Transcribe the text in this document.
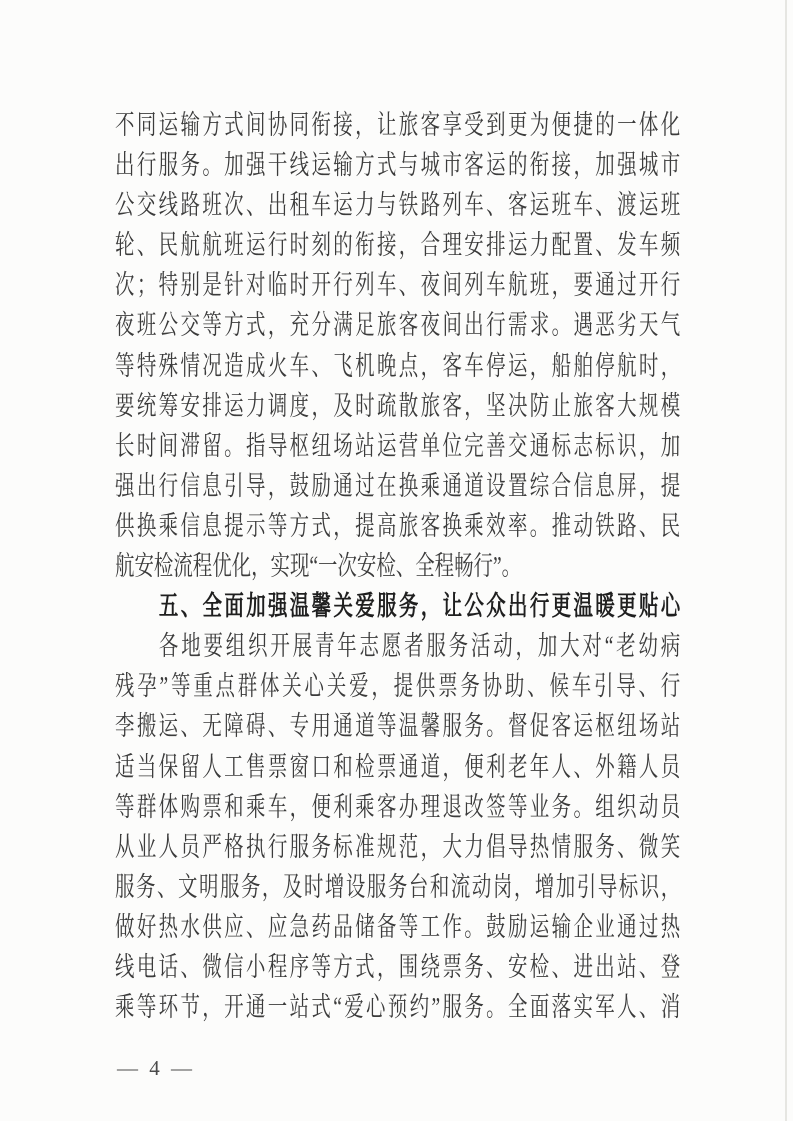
不同运输方式间协同衔接，让旅客享受到更为便捷的一体化
出行服务。加强干线运输方式与城市客运的衔接，加强城市
公交线路班次、出租车运力与铁路列车、客运班车、渡运班
轮、民航航班运行时刻的衔接，合理安排运力配置、发车频
次；特别是针对临时开行列车、夜间列车航班，要通过开行
夜班公交等方式，充分满足旅客夜间出行需求。遇恶劣天气
等特殊情况造成火车、飞机晚点，客车停运，船舶停航时，
要统筹安排运力调度，及时疏散旅客，坚决防止旅客大规模
长时间滞留。指导枢纽场站运营单位完善交通标志标识，加
强出行信息引导，鼓励通过在换乘通道设置综合信息屏，提
供换乘信息提示等方式，提高旅客换乘效率。推动铁路、民
航安检流程优化，实现“一次安检、全程畅行”。
五、全面加强温馨关爱服务，让公众出行更温暖更贴心
各地要组织开展青年志愿者服务活动，加大对“老幼病
残孕”等重点群体关心关爱，提供票务协助、候车引导、行
李搬运、无障碍、专用通道等温馨服务。督促客运枢纽场站
适当保留人工售票窗口和检票通道，便利老年人、外籍人员
等群体购票和乘车，便利乘客办理退改签等业务。组织动员
从业人员严格执行服务标准规范，大力倡导热情服务、微笑
服务、文明服务，及时增设服务台和流动岗，增加引导标识，
做好热水供应、应急药品储备等工作。鼓励运输企业通过热
线电话、微信小程序等方式，围绕票务、安检、进出站、登
乘等环节，开通一站式“爱心预约”服务。全面落实军人、消
— 4 —
